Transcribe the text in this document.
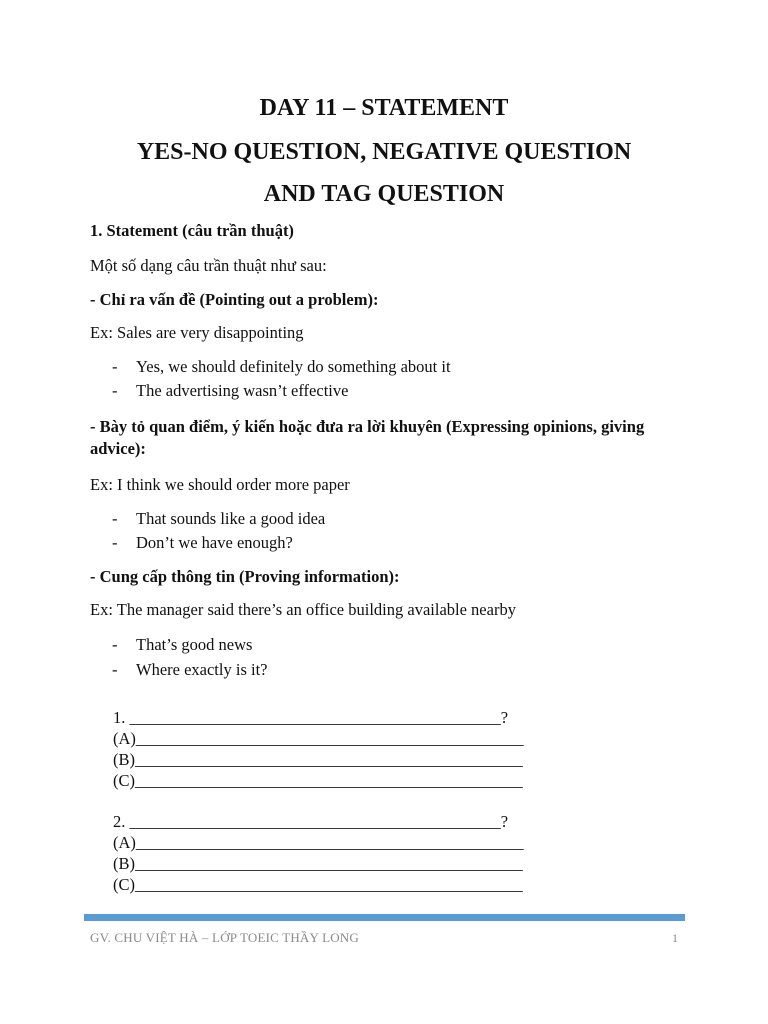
DAY 11 – STATEMENT
YES-NO QUESTION, NEGATIVE QUESTION
AND TAG QUESTION
1. Statement (câu trần thuật)
Một số dạng câu trần thuật như sau:
- Chỉ ra vấn đề (Pointing out a problem):
Ex: Sales are very disappointing
- Yes, we should definitely do something about it
- The advertising wasn’t effective
- Bày tỏ quan điểm, ý kiến hoặc đưa ra lời khuyên (Expressing opinions, giving advice):
Ex: I think we should order more paper
- That sounds like a good idea
- Don’t we have enough?
- Cung cấp thông tin (Proving information):
Ex: The manager said there’s an office building available nearby
- That’s good news
- Where exactly is it?
1. _____________________________________________?
(A)_______________________________________________
(B)_______________________________________________
(C)_______________________________________________
2. _____________________________________________?
(A)_______________________________________________
(B)_______________________________________________
(C)_______________________________________________
GV. CHU VIỆT HÀ – LỚP TOEIC THẦY LONG	1
